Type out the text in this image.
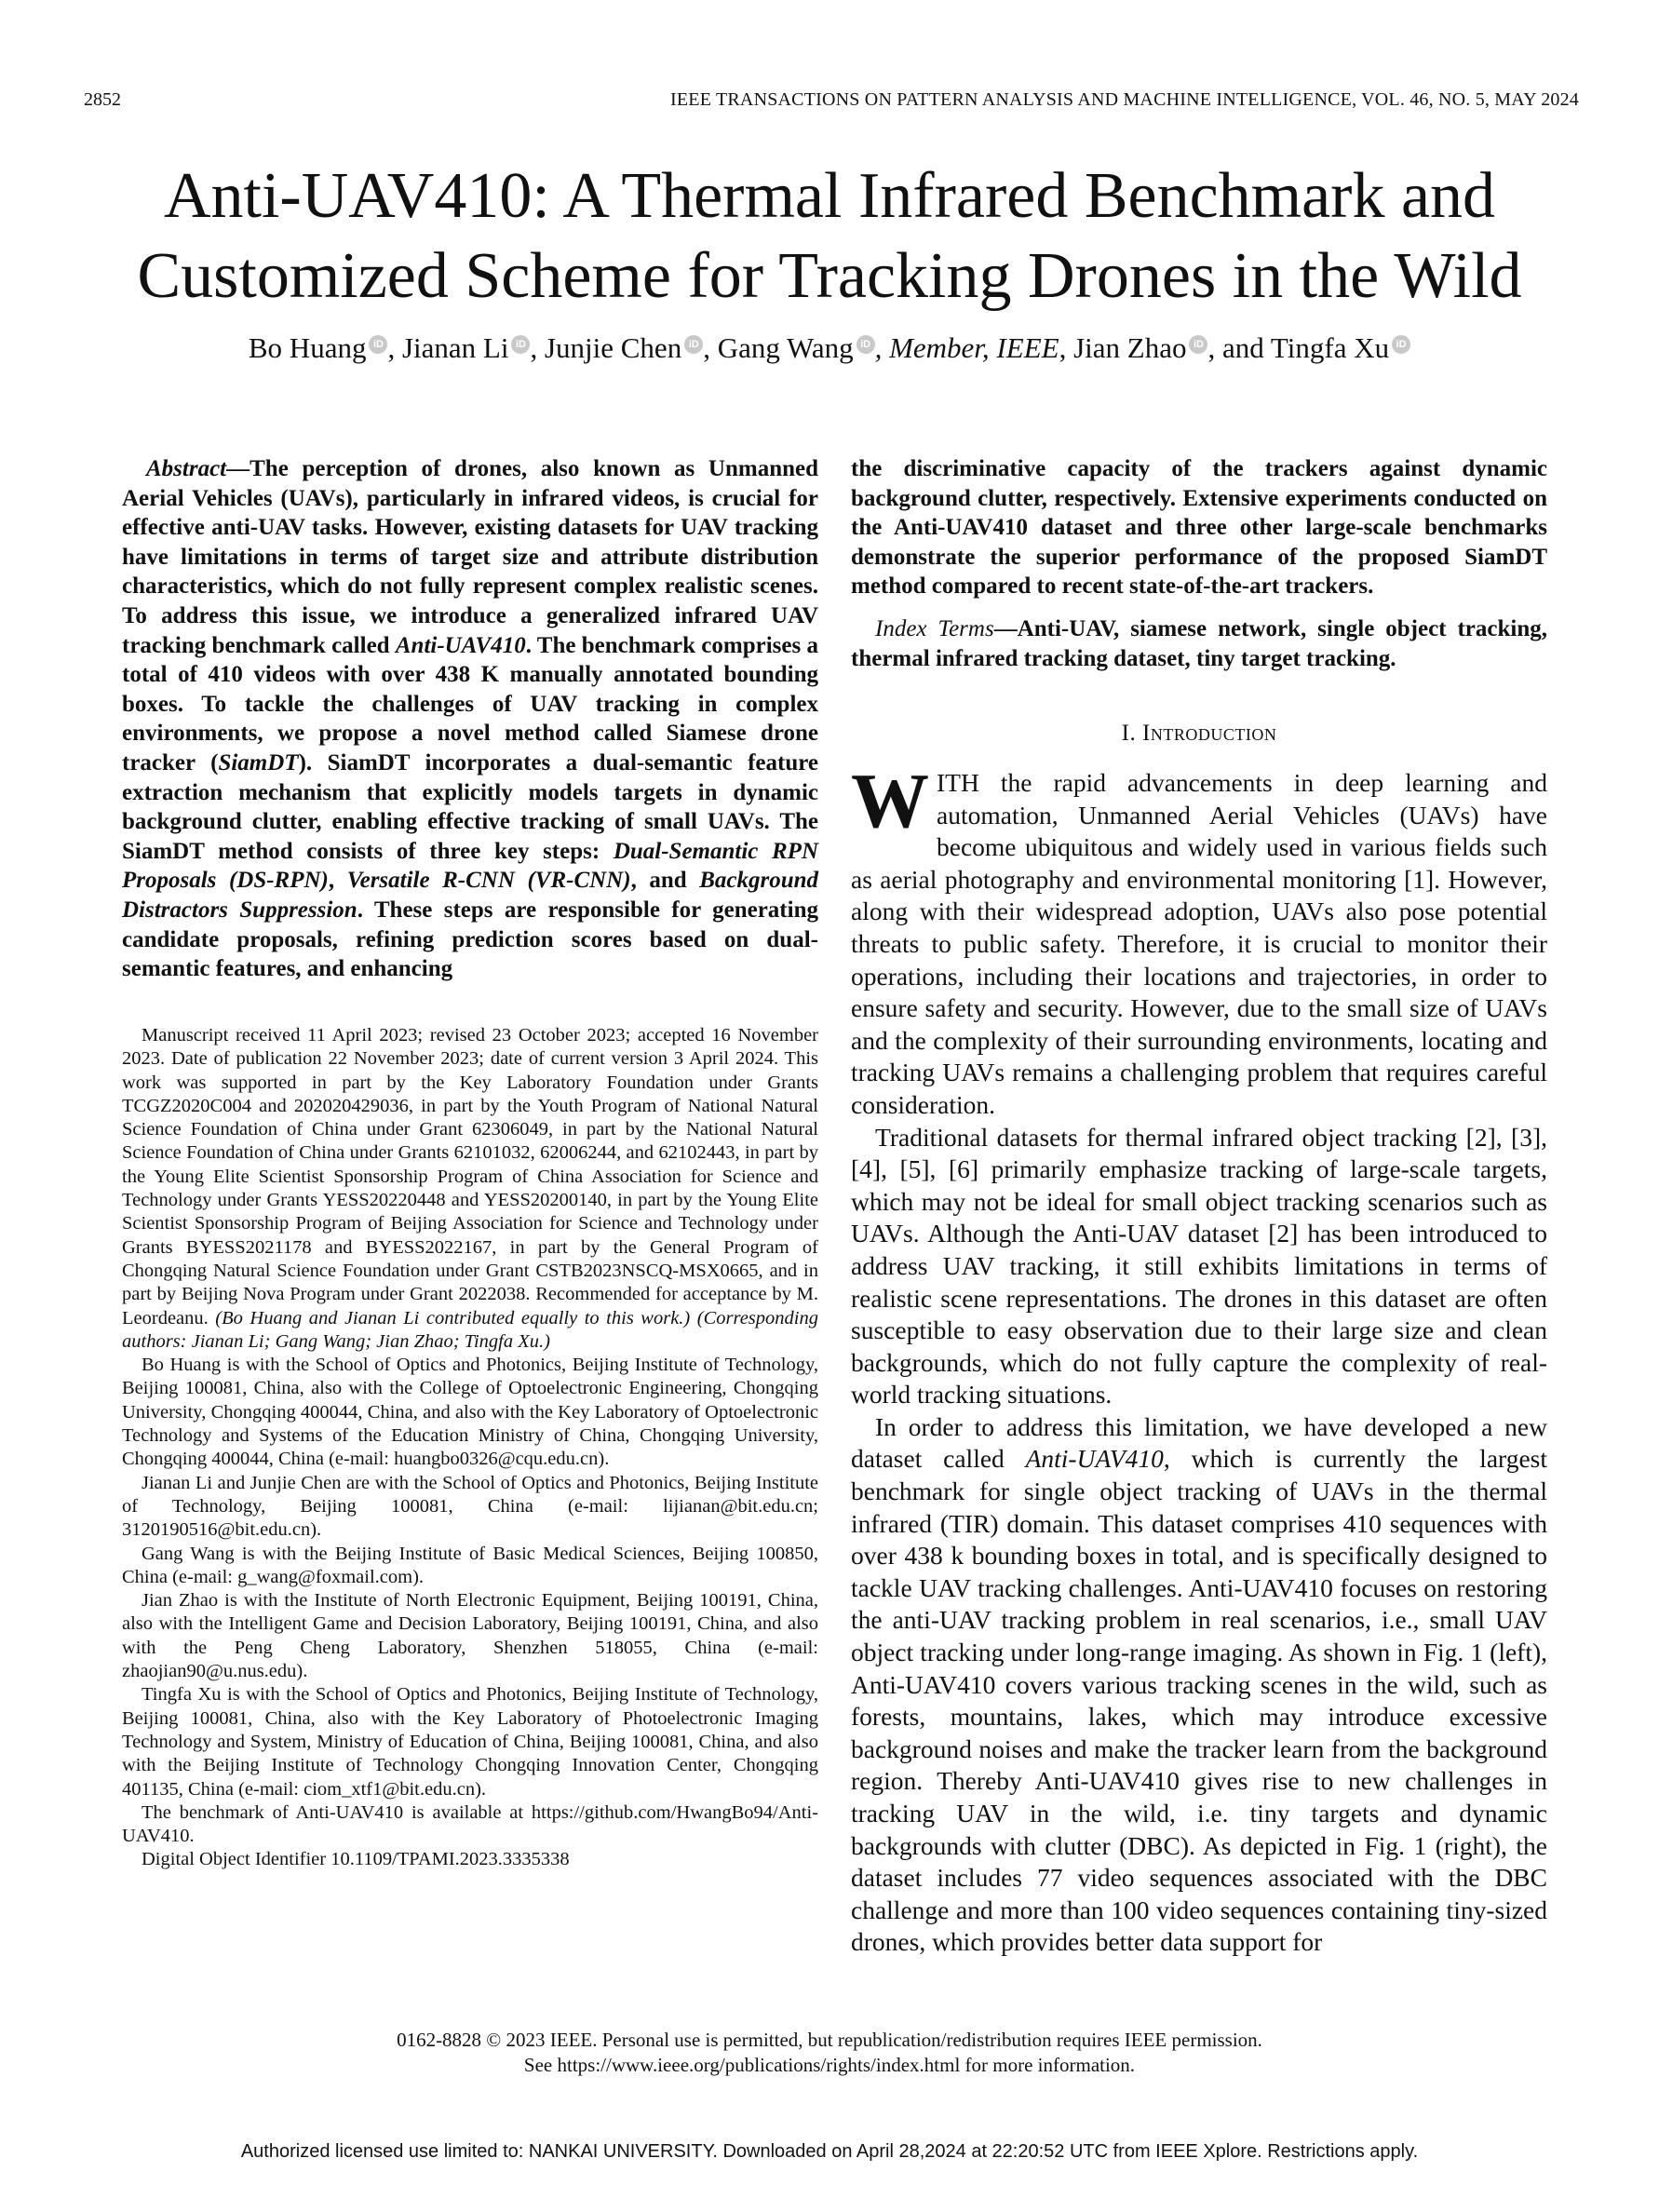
2852	IEEE TRANSACTIONS ON PATTERN ANALYSIS AND MACHINE INTELLIGENCE, VOL. 46, NO. 5, MAY 2024
Anti-UAV410: A Thermal Infrared Benchmark and
Customized Scheme for Tracking Drones in the Wild
Bo Huang iD , Jianan Li iD , Junjie Chen iD , Gang Wang iD , Member, IEEE, Jian Zhao iD , and Tingfa Xu iD

Abstract—The perception of drones, also known as Unmanned Aerial Vehicles (UAVs), particularly in infrared videos, is crucial for effective anti-UAV tasks. However, existing datasets for UAV tracking have limitations in terms of target size and attribute distribution characteristics, which do not fully represent complex realistic scenes. To address this issue, we introduce a generalized infrared UAV tracking benchmark called Anti-UAV410. The benchmark comprises a total of 410 videos with over 438 K manually annotated bounding boxes. To tackle the challenges of UAV tracking in complex environments, we propose a novel method called Siamese drone tracker (SiamDT). SiamDT incorporates a dual-semantic feature extraction mechanism that explicitly models targets in dynamic background clutter, enabling effective tracking of small UAVs. The SiamDT method consists of three key steps: Dual-Semantic RPN Proposals (DS-RPN), Versatile R-CNN (VR-CNN), and Background Distractors Suppression. These steps are responsible for generating candidate proposals, refining prediction scores based on dual-semantic features, and enhancing

Manuscript received 11 April 2023; revised 23 October 2023; accepted 16 November 2023. Date of publication 22 November 2023; date of current version 3 April 2024. This work was supported in part by the Key Laboratory Foundation under Grants TCGZ2020C004 and 202020429036, in part by the Youth Program of National Natural Science Foundation of China under Grant 62306049, in part by the National Natural Science Foundation of China under Grants 62101032, 62006244, and 62102443, in part by the Young Elite Scientist Sponsorship Program of China Association for Science and Technology under Grants YESS20220448 and YESS20200140, in part by the Young Elite Scientist Sponsorship Program of Beijing Association for Science and Technology under Grants BYESS2021178 and BYESS2022167, in part by the General Program of Chongqing Natural Science Foundation under Grant CSTB2023NSCQ-MSX0665, and in part by Beijing Nova Program under Grant 2022038. Recommended for acceptance by M. Leordeanu. (Bo Huang and Jianan Li contributed equally to this work.) (Corresponding authors: Jianan Li; Gang Wang; Jian Zhao; Tingfa Xu.)

Bo Huang is with the School of Optics and Photonics, Beijing Institute of Technology, Beijing 100081, China, also with the College of Optoelectronic Engineering, Chongqing University, Chongqing 400044, China, and also with the Key Laboratory of Optoelectronic Technology and Systems of the Education Ministry of China, Chongqing University, Chongqing 400044, China (e-mail: huangbo0326@cqu.edu.cn).

Jianan Li and Junjie Chen are with the School of Optics and Photonics, Beijing Institute of Technology, Beijing 100081, China (e-mail: lijianan@bit.edu.cn; 3120190516@bit.edu.cn).

Gang Wang is with the Beijing Institute of Basic Medical Sciences, Beijing 100850, China (e-mail: g_wang@foxmail.com).

Jian Zhao is with the Institute of North Electronic Equipment, Beijing 100191, China, also with the Intelligent Game and Decision Laboratory, Beijing 100191, China, and also with the Peng Cheng Laboratory, Shenzhen 518055, China (e-mail: zhaojian90@u.nus.edu).

Tingfa Xu is with the School of Optics and Photonics, Beijing Institute of Technology, Beijing 100081, China, also with the Key Laboratory of Photoelectronic Imaging Technology and System, Ministry of Education of China, Beijing 100081, China, and also with the Beijing Institute of Technology Chongqing Innovation Center, Chongqing 401135, China (e-mail: ciom_xtf1@bit.edu.cn).

The benchmark of Anti-UAV410 is available at https://github.com/HwangBo94/Anti-UAV410.

Digital Object Identifier 10.1109/TPAMI.2023.3335338

the discriminative capacity of the trackers against dynamic background clutter, respectively. Extensive experiments conducted on the Anti-UAV410 dataset and three other large-scale benchmarks demonstrate the superior performance of the proposed SiamDT method compared to recent state-of-the-art trackers.

Index Terms—Anti-UAV, siamese network, single object tracking, thermal infrared tracking dataset, tiny target tracking.

I. Introduction

WITH the rapid advancements in deep learning and automation, Unmanned Aerial Vehicles (UAVs) have become ubiquitous and widely used in various fields such as aerial photography and environmental monitoring [1]. However, along with their widespread adoption, UAVs also pose potential threats to public safety. Therefore, it is crucial to monitor their operations, including their locations and trajectories, in order to ensure safety and security. However, due to the small size of UAVs and the complexity of their surrounding environments, locating and tracking UAVs remains a challenging problem that requires careful consideration.

Traditional datasets for thermal infrared object tracking [2], [3], [4], [5], [6] primarily emphasize tracking of large-scale targets, which may not be ideal for small object tracking scenarios such as UAVs. Although the Anti-UAV dataset [2] has been introduced to address UAV tracking, it still exhibits limitations in terms of realistic scene representations. The drones in this dataset are often susceptible to easy observation due to their large size and clean backgrounds, which do not fully capture the complexity of real-world tracking situations.

In order to address this limitation, we have developed a new dataset called Anti-UAV410, which is currently the largest benchmark for single object tracking of UAVs in the thermal infrared (TIR) domain. This dataset comprises 410 sequences with over 438 k bounding boxes in total, and is specifically designed to tackle UAV tracking challenges. Anti-UAV410 focuses on restoring the anti-UAV tracking problem in real scenarios, i.e., small UAV object tracking under long-range imaging. As shown in Fig. 1 (left), Anti-UAV410 covers various tracking scenes in the wild, such as forests, mountains, lakes, which may introduce excessive background noises and make the tracker learn from the background region. Thereby Anti-UAV410 gives rise to new challenges in tracking UAV in the wild, i.e. tiny targets and dynamic backgrounds with clutter (DBC). As depicted in Fig. 1 (right), the dataset includes 77 video sequences associated with the DBC challenge and more than 100 video sequences containing tiny-sized drones, which provides better data support for

0162-8828 © 2023 IEEE. Personal use is permitted, but republication/redistribution requires IEEE permission.
See https://www.ieee.org/publications/rights/index.html for more information.
Authorized licensed use limited to: NANKAI UNIVERSITY. Downloaded on April 28,2024 at 22:20:52 UTC from IEEE Xplore. Restrictions apply.
